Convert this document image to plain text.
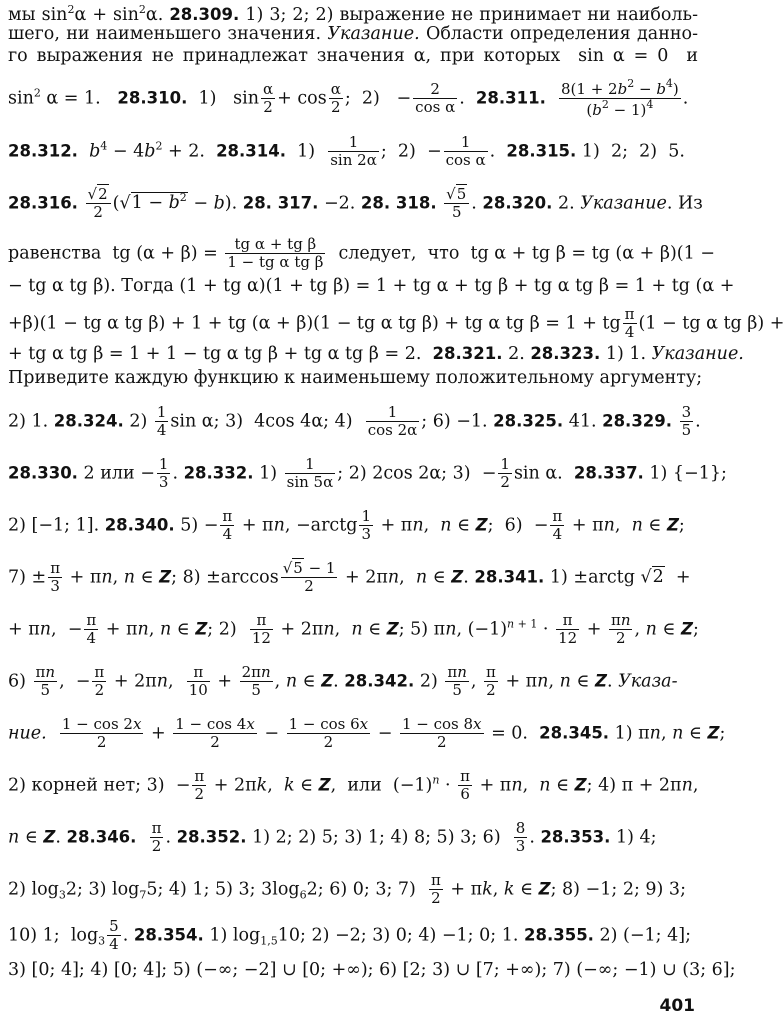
мы $\sin^2\alpha + \sin^2\alpha$. 28.309. 1) 3; 2; 2) выражение не принимает ни наиболь-
шего, ни наименьшего значения. Указание. Области определения данно-
го выражения не принадлежат значения α, при которых  sin α = 0  и
$\sin^2 \alpha = 1$.   28.310.  1)   $\sin \frac{\alpha}{2} + \cos \frac{\alpha}{2}$ ;  $2) - \frac{2}{\text{cos α}}$ .  28.311. $\frac{8(1 + 2b^2 - b^4)}{(b^2 - 1)^4}$ .
28.312. $b^4 - 4b^2 + 2$.  28.314.  $1) \frac{1}{\sin 2\alpha}$ ;  $2) - \frac{1}{\text{cos α}}$ .  28.315. 1)  2;  2)  5.
28.316. $\frac{√2}{2} (√1 - b^2 - b)$. 28. 317. −2. 28. 318. $\frac{√5}{5}$ . 28.320. 2. Указание. Из
равенства  tg $(\alpha + \beta) = \frac{\text{tg α + tg β}}{\text{1 − tg α tg β}}$ следует,  что  tg α + tg β = tg (α + β)(1 −
− tg α tg β). Тогда (1 + tg α)(1 + tg β) = 1 + tg α + tg β + tg α tg β = 1 + tg (α +
+β)(1 − tg α tg β) + 1 + tg (α + β)(1 − tg α tg β) + tg α tg β = 1 + tg $\frac{\pi}{4} (1$ − tg α tg β) +
+ tg α tg β = 1 + 1 − tg α tg β + tg α tg β = 2.  28.321. 2. 28.323. 1) 1. Указание.
Приведите каждую функцию к наименьшему положительному аргументу;
2) 1. 28.324. $2) \frac{1}{4}$ sin α; 3)  4cos 4α; $4) \frac{1}{\cos 2\alpha}$ ; 6) −1. 28.325. 41. 28.329. $\frac{3}{5}$ .
28.330. 2 или − $\frac{1}{3}$ . 28.332. $1) \frac{1}{\sin 5\alpha}$ ; 2) 2cos 2α; $3) - \frac{1}{2}$ sin α.  28.337. 1) {−1};
2) [−1; 1]. 28.340. $5) - \frac{\pi}{4} + \pi n$, −arctg $\frac{1}{3} + \pi n$,  n ∈ Z;  $6) - \frac{\pi}{4} + \pi n$,  n ∈ Z;
$7) \pm \frac{\pi}{3} + \pi n$, n ∈ Z; $8) \pm\arccos \frac{√5 - 1}{2} + 2\pi n$,  n ∈ Z. 28.341. 1) ±arctg √2  +
+ πn,  − $\frac{\pi}{4} + \pi n$, n ∈ Z; $2) \frac{\pi}{12} + 2\pi n$,  n ∈ Z; 5) πn, $(-1)^{n + 1} \cdot \frac{\pi}{12} + \frac{\pi n}{2}$ , n ∈ Z;
$6) \frac{\pi n}{5}$ ,  − $\frac{\pi}{2} + 2\pi n$, $\frac{\pi}{10} + \frac{2\pi n}{5}$ , n ∈ Z. 28.342. $2) \frac{\pi n}{5}$ , $\frac{\pi}{2} + \pi n$, n ∈ Z. Указа-
ние. $\frac{1 - \cos 2x}{2} + \frac{1 - \cos 4x}{2} - \frac{1 - \cos 6x}{2} - \frac{1 - \cos 8x}{2} = 0$.  28.345. 1) πn, n ∈ Z;
2) корней нет; $3) - \frac{\pi}{2} + 2\pi k$,  k ∈ Z,  или  $(-1)^n \cdot \frac{\pi}{6} + \pi n$,  n ∈ Z; 4) π + 2πn,
n ∈ Z. 28.346. $\frac{\pi}{2}$ . 28.352. 1) 2; 2) 5; 3) 1; 4) 8; 5) 3; $6) \frac{8}{3}$ . 28.353. 1) 4;
2) $\log_32$; 3) $\log_75$; 4) 1; 5) 3; $3\log_62$; 6) 0; 3; $7) \frac{\pi}{2} + \pi k$, k ∈ Z; 8) −1; 2; 9) 3;
10) 1;  $\log_3 \frac{5}{4}$ . 28.354. 1) $\log_{1,5}10$; 2) −2; 3) 0; 4) −1; 0; 1. 28.355. 2) (−1; 4];
3) [0; 4]; 4) [0; 4]; 5) (−∞; −2] ∪ [0; +∞); 6) [2; 3) ∪ [7; +∞); 7) (−∞; −1) ∪ (3; 6];
401
